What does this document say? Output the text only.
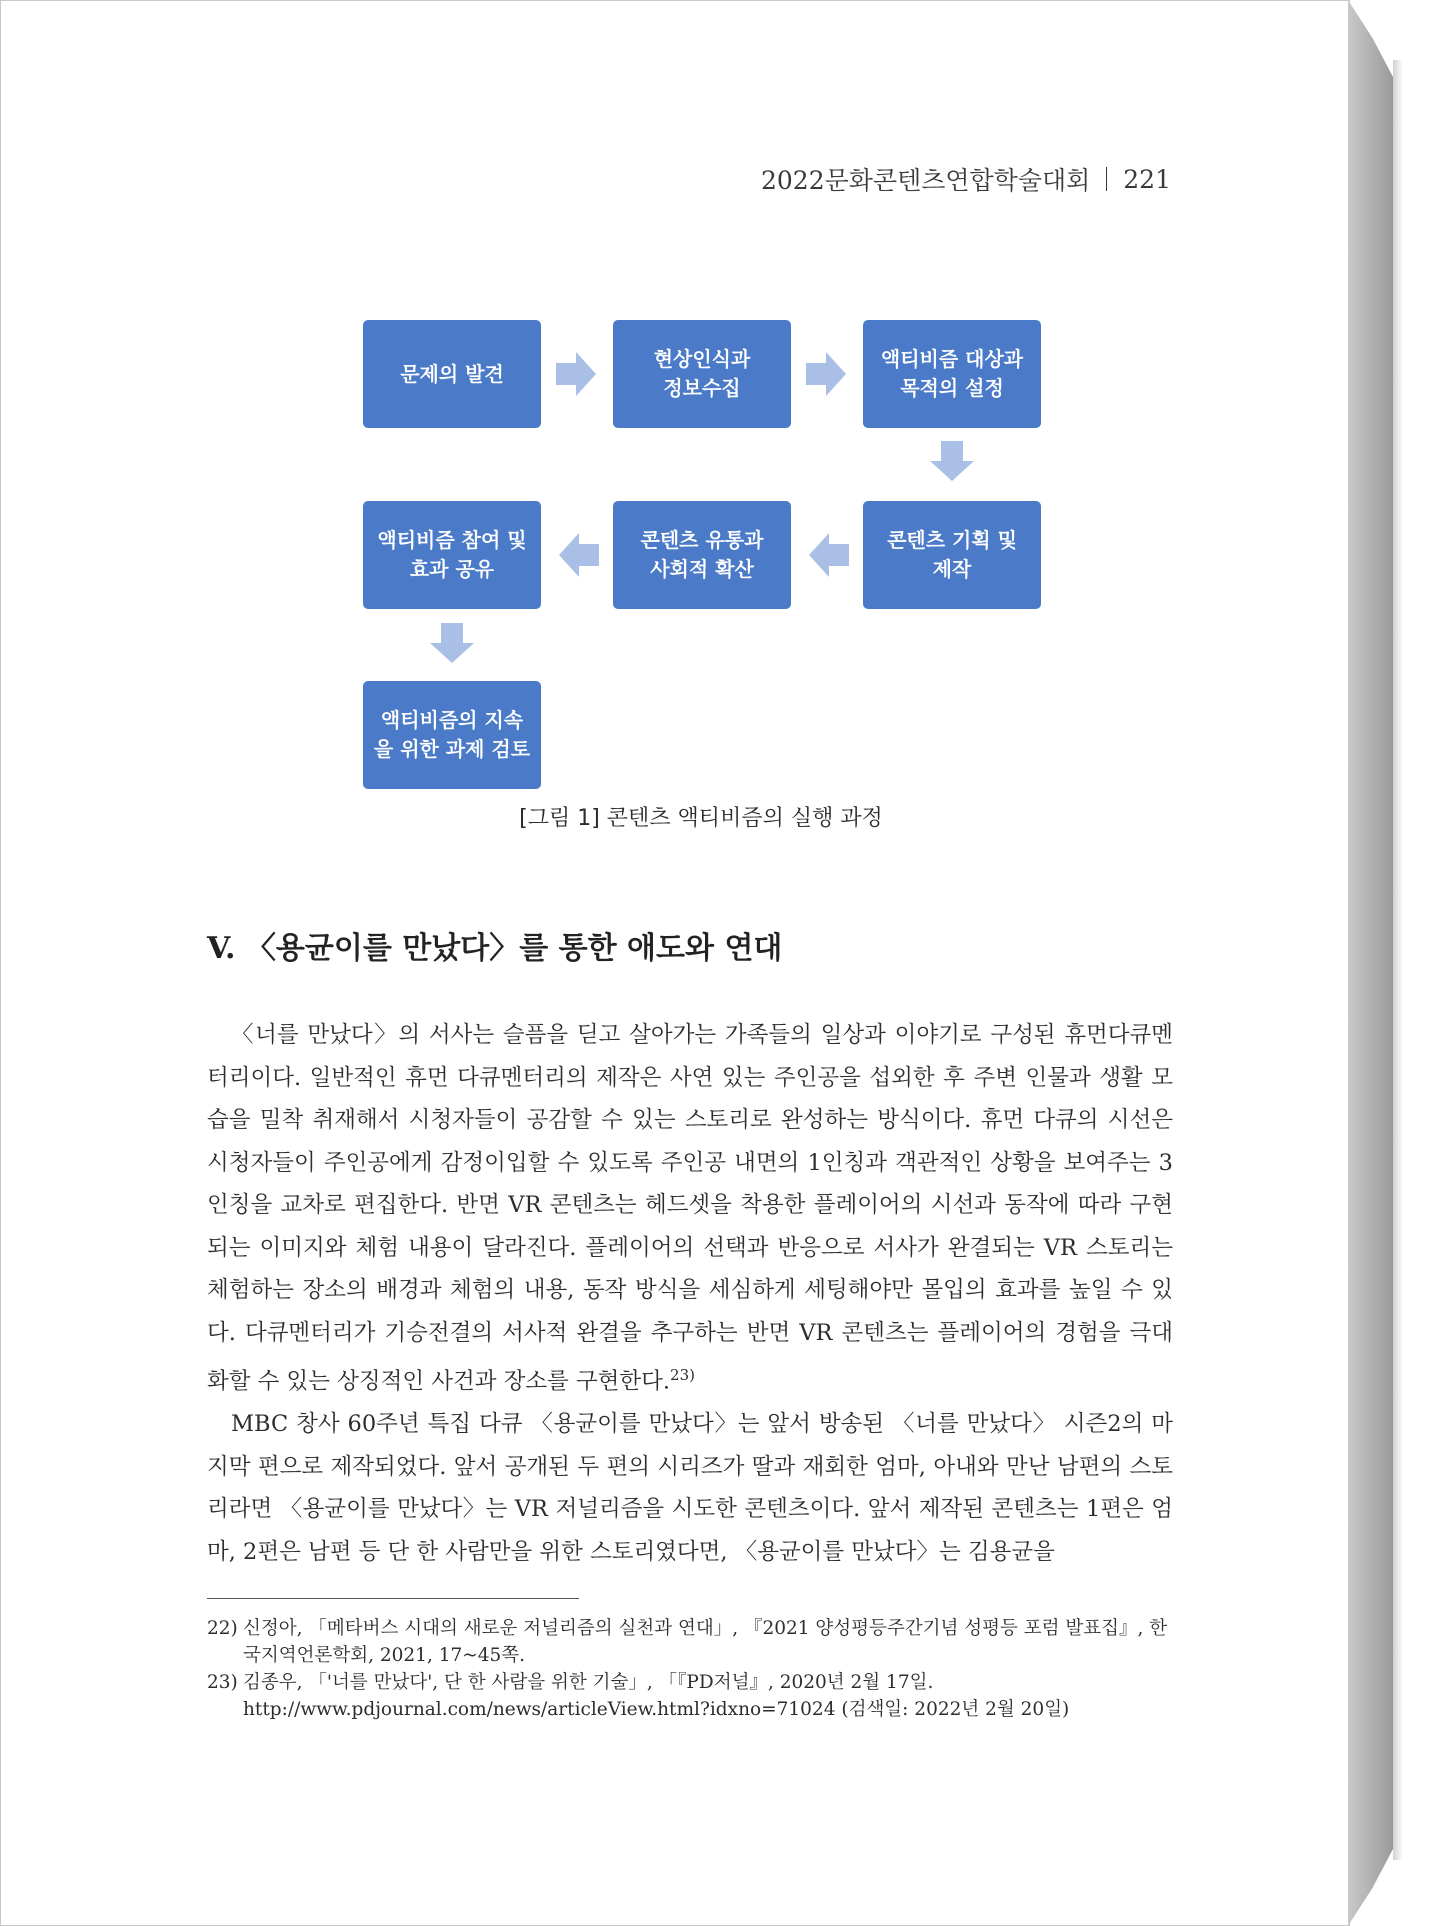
2022문화콘텐츠연합학술대회 221
문제의 발견
현상인식과
정보수집
액티비즘 대상과
목적의 설정
콘텐츠 기획 및
제작
콘텐츠 유통과
사회적 확산
액티비즘 참여 및
효과 공유
액티비즘의 지속
을 위한 과제 검토
[그림 1] 콘텐츠 액티비즘의 실행 과정
V. 〈용균이를 만났다〉를 통한 애도와 연대

〈너를 만났다〉의 서사는 슬픔을 딛고 살아가는 가족들의 일상과 이야기로 구성된 휴먼다큐멘터리이다. 일반적인 휴먼 다큐멘터리의 제작은 사연 있는 주인공을 섭외한 후 주변 인물과 생활 모습을 밀착 취재해서 시청자들이 공감할 수 있는 스토리로 완성하는 방식이다. 휴먼 다큐의 시선은 시청자들이 주인공에게 감정이입할 수 있도록 주인공 내면의 1인칭과 객관적인 상황을 보여주는 3인칭을 교차로 편집한다. 반면 VR 콘텐츠는 헤드셋을 착용한 플레이어의 시선과 동작에 따라 구현되는 이미지와 체험 내용이 달라진다. 플레이어의 선택과 반응으로 서사가 완결되는 VR 스토리는 체험하는 장소의 배경과 체험의 내용, 동작 방식을 세심하게 세팅해야만 몰입의 효과를 높일 수 있다. 다큐멘터리가 기승전결의 서사적 완결을 추구하는 반면 VR 콘텐츠는 플레이어의 경험을 극대화할 수 있는 상징적인 사건과 장소를 구현한다.$^{23)}$

MBC 창사 60주년 특집 다큐 〈용균이를 만났다〉는 앞서 방송된 〈너를 만났다〉 시즌2의 마지막 편으로 제작되었다. 앞서 공개된 두 편의 시리즈가 딸과 재회한 엄마, 아내와 만난 남편의 스토리라면 〈용균이를 만났다〉는 VR 저널리즘을 시도한 콘텐츠이다. 앞서 제작된 콘텐츠는 1편은 엄마, 2편은 남편 등 단 한 사람만을 위한 스토리였다면, 〈용균이를 만났다〉는 김용균을

22) 신정아, 「메타버스 시대의 새로운 저널리즘의 실천과 연대」, 『2021 양성평등주간기념 성평등 포럼 발표집』, 한국지역언론학회, 2021, 17~45쪽.
23) 김종우, 「'너를 만났다', 단 한 사람을 위한 기술」, 「『PD저널』, 2020년 2월 17일.
http://www.pdjournal.com/news/articleView.html?idxno=71024 (검색일: 2022년 2월 20일)
